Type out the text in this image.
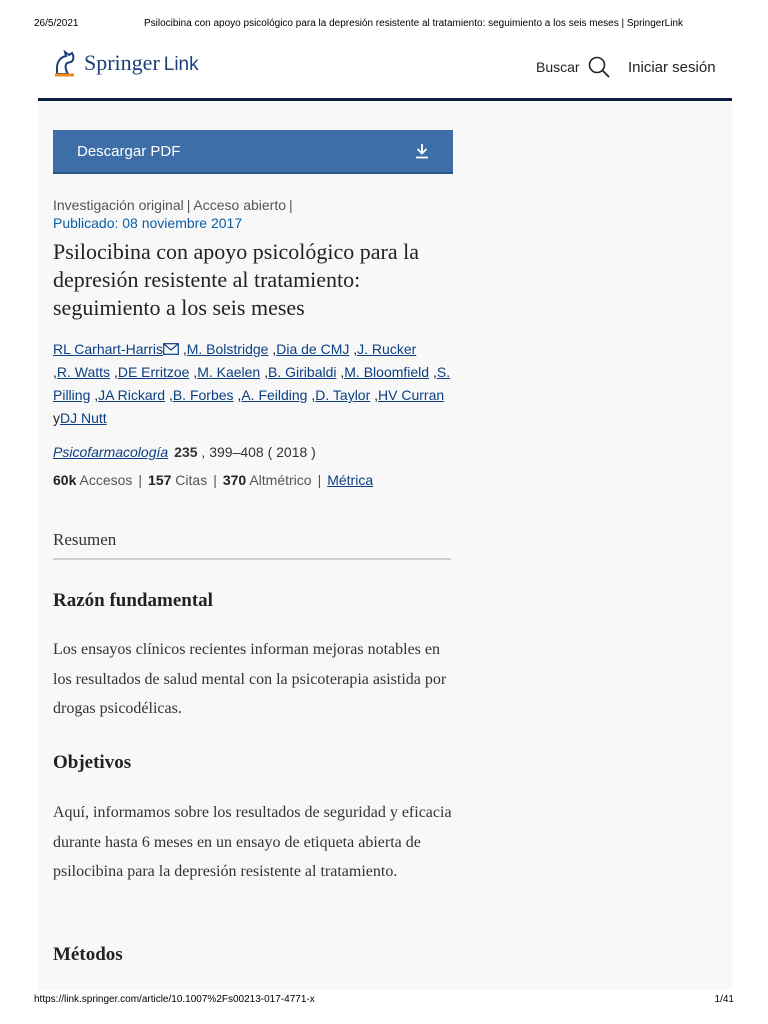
26/5/2021	Psilocibina con apoyo psicológico para la depresión resistente al tratamiento: seguimiento a los seis meses | SpringerLink
Springer Link	Buscar	Iniciar sesión
Descargar PDF
Investigación original | Acceso abierto |
Publicado: 08 noviembre 2017
Psilocibina con apoyo psicológico para la depresión resistente al tratamiento: seguimiento a los seis meses
RL Carhart-Harris ,M. Bolstridge ,Dia de CMJ ,J. Rucker
,R. Watts ,DE Erritzoe ,M. Kaelen ,B. Giribaldi ,M. Bloomfield ,S. Pilling ,JA Rickard ,B. Forbes ,A. Feilding ,D. Taylor ,HV Curran yDJ Nutt
Psicofarmacología 235 , 399–408 ( 2018 )
60k Accesos | 157 Citas | 370 Altmétrico | Métrica
Resumen
Razón fundamental

Los ensayos clínicos recientes informan mejoras notables en los resultados de salud mental con la psicoterapia asistida por drogas psicodélicas.

Objetivos

Aquí, informamos sobre los resultados de seguridad y eficacia durante hasta 6 meses en un ensayo de etiqueta abierta de psilocibina para la depresión resistente al tratamiento.

Métodos
https://link.springer.com/article/10.1007%2Fs00213-017-4771-x	1/41
